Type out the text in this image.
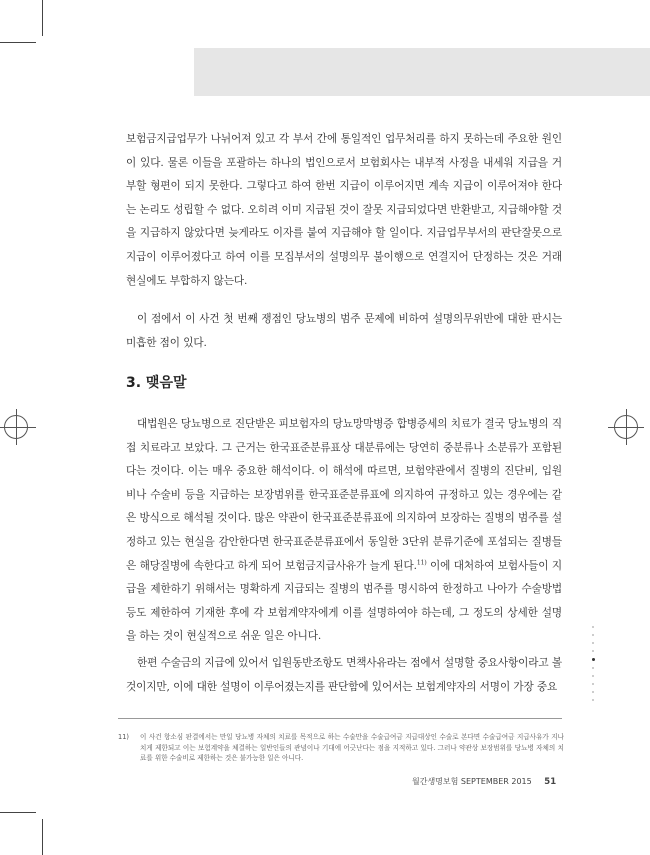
보험금지급업무가 나뉘어져 있고 각 부서 간에 통일적인 업무처리를 하지 못하는데 주요한 원인이 있다. 물론 이들을 포괄하는 하나의 법인으로서 보험회사는 내부적 사정을 내세워 지급을 거부할 형편이 되지 못한다. 그렇다고 하여 한번 지급이 이루어지면 계속 지급이 이루어져야 한다는 논리도 성립할 수 없다. 오히려 이미 지급된 것이 잘못 지급되었다면 반환받고, 지급해야할 것을 지급하지 않았다면 늦게라도 이자를 붙여 지급해야 할 일이다. 지급업무부서의 판단잘못으로 지급이 이루어졌다고 하여 이를 모집부서의 설명의무 불이행으로 연결지어 단정하는 것은 거래현실에도 부합하지 않는다.
이 점에서 이 사건 첫 번째 쟁점인 당뇨병의 범주 문제에 비하여 설명의무위반에 대한 판시는 미흡한 점이 있다.
3. 맺음말
대법원은 당뇨병으로 진단받은 피보험자의 당뇨망막병증 합병증세의 치료가 결국 당뇨병의 직접 치료라고 보았다. 그 근거는 한국표준분류표상 대분류에는 당연히 중분류나 소분류가 포함된다는 것이다. 이는 매우 중요한 해석이다. 이 해석에 따르면, 보험약관에서 질병의 진단비, 입원비나 수술비 등을 지급하는 보장범위를 한국표준분류표에 의지하여 규정하고 있는 경우에는 같은 방식으로 해석될 것이다. 많은 약관이 한국표준분류표에 의지하여 보장하는 질병의 범주를 설정하고 있는 현실을 감안한다면 한국표준분류표에서 동일한 3단위 분류기준에 포섭되는 질병들은 해당질병에 속한다고 하게 되어 보험금지급사유가 늘게 된다.$^{11)}$ 이에 대처하여 보험사들이 지급을 제한하기 위해서는 명확하게 지급되는 질병의 범주를 명시하여 한정하고 나아가 수술방법 등도 제한하여 기재한 후에 각 보험계약자에게 이를 설명하여야 하는데, 그 정도의 상세한 설명을 하는 것이 현실적으로 쉬운 일은 아니다.
한편 수술금의 지급에 있어서 입원동반조항도 면책사유라는 점에서 설명할 중요사항이라고 볼 것이지만, 이에 대한 설명이 이루어졌는지를 판단함에 있어서는 보험계약자의 서명이 가장 중요
11) 이 사건 항소심 판결에서는 만일 당뇨병 자체의 치료를 목적으로 하는 수술만을 수술급여금 지급대상인 수술로 본다면 수술급여금 지급사유가 지나치게 제한되고 이는 보험계약을 체결하는 일반인들의 관념이나 기대에 어긋난다는 점을 지적하고 있다. 그러나 약관상 보장범위를 당뇨병 자체의 치료를 위한 수술비로 제한하는 것은 불가능한 일은 아니다.
월간생명보험 SEPTEMBER 2015 51
